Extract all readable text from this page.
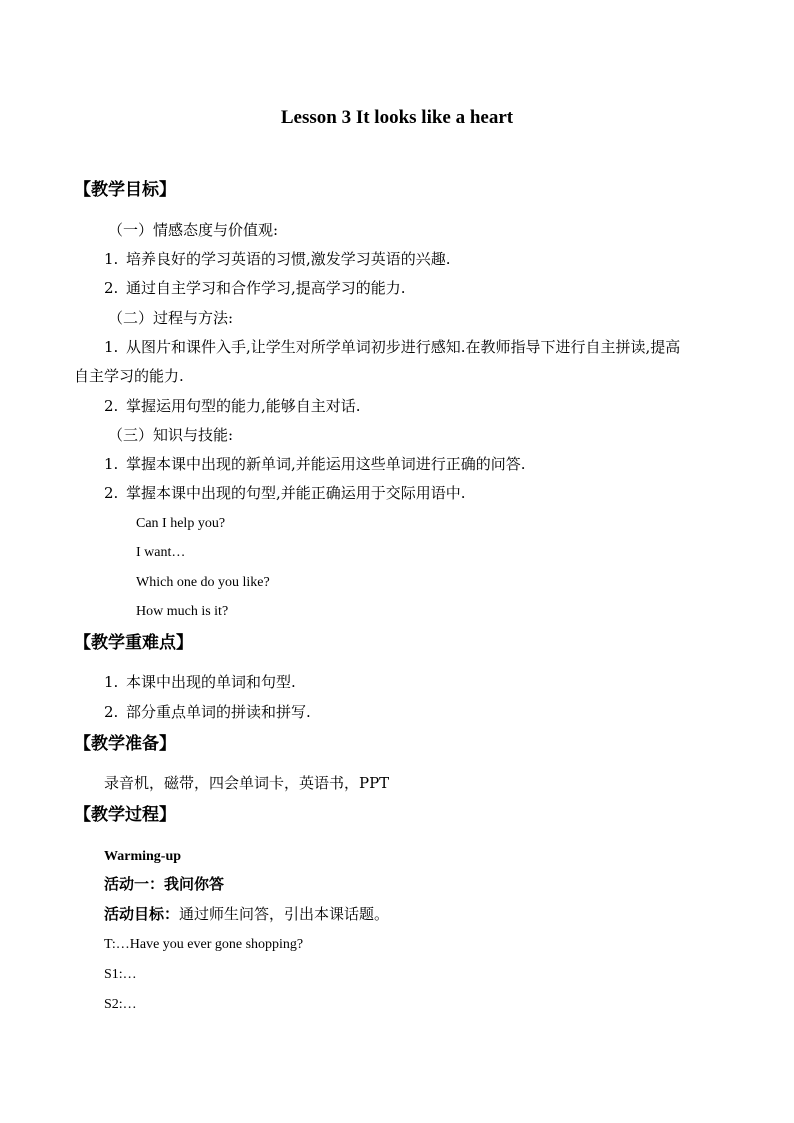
Lesson 3 It looks like a heart
【教学目标】
（一）情感态度与价值观:
1. 培养良好的学习英语的习惯,激发学习英语的兴趣.
2. 通过自主学习和合作学习,提高学习的能力.
（二）过程与方法:
1. 从图片和课件入手,让学生对所学单词初步进行感知.在教师指导下进行自主拼读,提高
自主学习的能力.
2. 掌握运用句型的能力,能够自主对话.
（三）知识与技能:
1. 掌握本课中出现的新单词,并能运用这些单词进行正确的问答.
2. 掌握本课中出现的句型,并能正确运用于交际用语中.
Can I help you?
I want…
Which one do you like?
How much is it?
【教学重难点】
1. 本课中出现的单词和句型.
2. 部分重点单词的拼读和拼写.
【教学准备】
录音机，磁带，四会单词卡，英语书，PPT
【教学过程】
Warming-up
活动一：我问你答
活动目标：通过师生问答，引出本课话题。
T:…Have you ever gone shopping?
S1:…
S2:…
